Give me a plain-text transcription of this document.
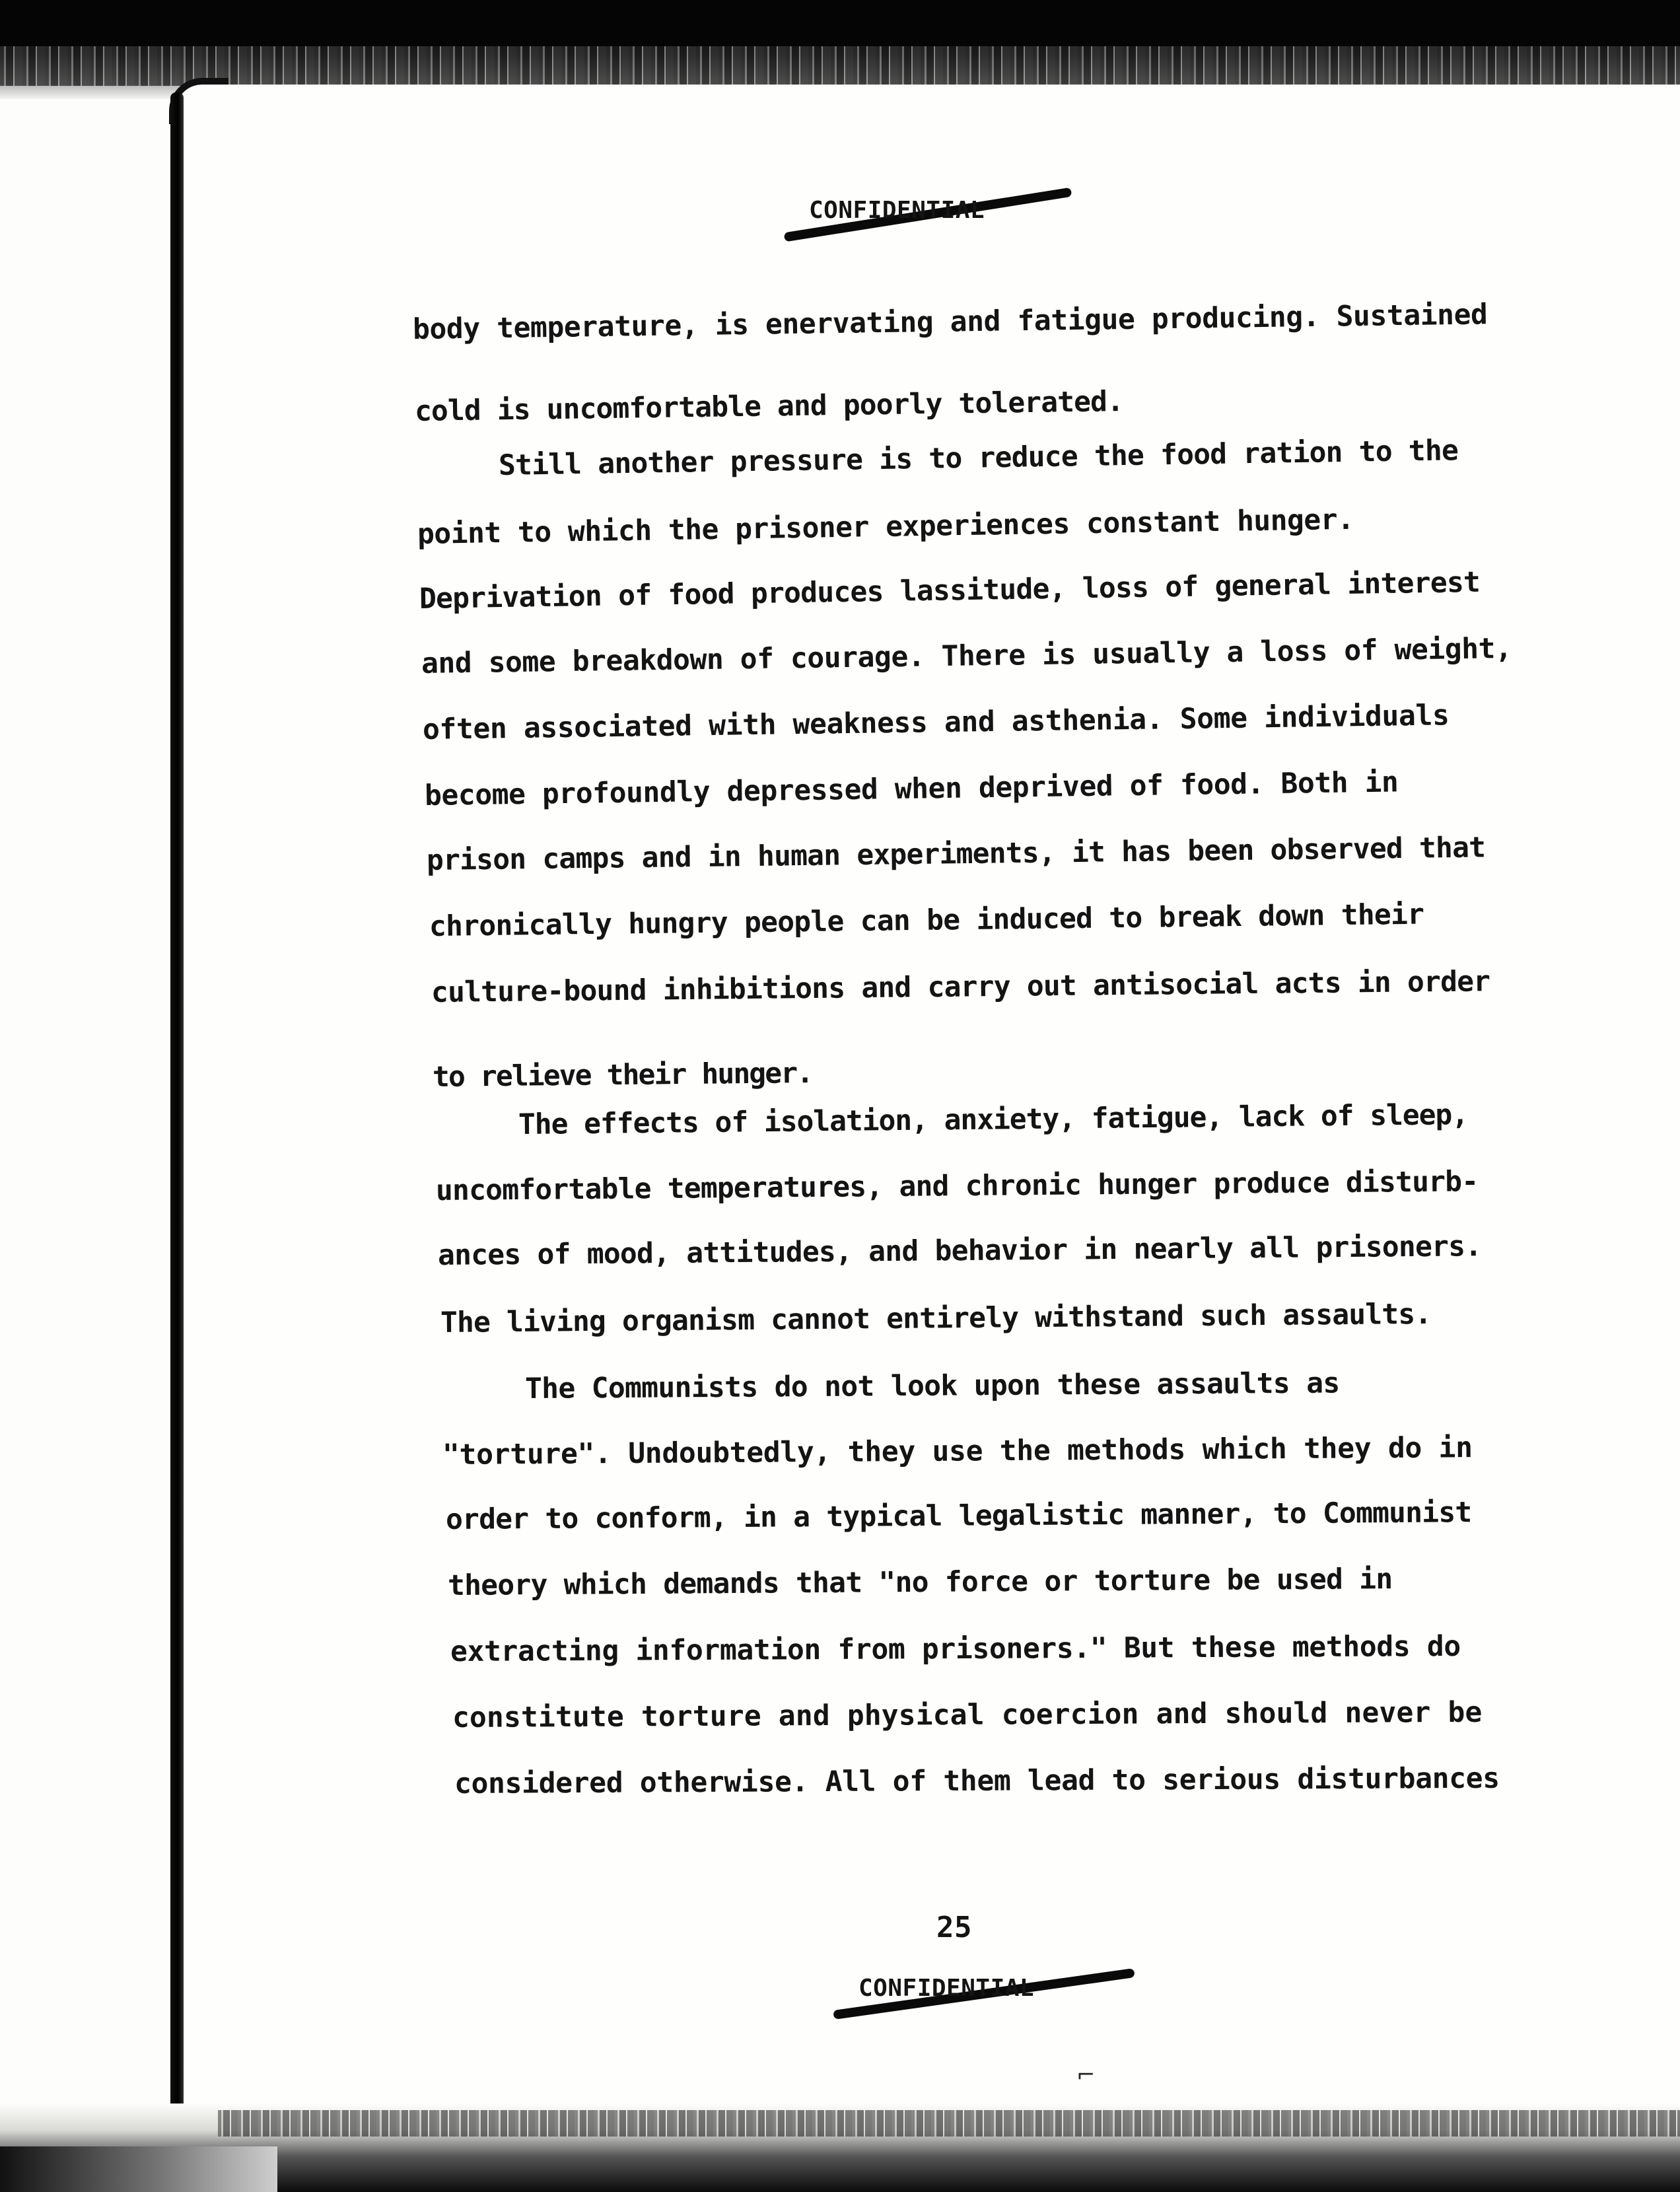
CONFIDENTIAL
body temperature, is enervating and fatigue producing. Sustained
cold is uncomfortable and poorly tolerated.
Still another pressure is to reduce the food ration to the
point to which the prisoner experiences constant hunger.
Deprivation of food produces lassitude, loss of general interest
and some breakdown of courage. There is usually a loss of weight,
often associated with weakness and asthenia. Some individuals
become profoundly depressed when deprived of food. Both in
prison camps and in human experiments, it has been observed that
chronically hungry people can be induced to break down their
culture-bound inhibitions and carry out antisocial acts in order
to relieve their hunger.
The effects of isolation, anxiety, fatigue, lack of sleep,
uncomfortable temperatures, and chronic hunger produce disturb-
ances of mood, attitudes, and behavior in nearly all prisoners.
The living organism cannot entirely withstand such assaults.
The Communists do not look upon these assaults as
"torture". Undoubtedly, they use the methods which they do in
order to conform, in a typical legalistic manner, to Communist
theory which demands that "no force or torture be used in
extracting information from prisoners." But these methods do
constitute torture and physical coercion and should never be
considered otherwise. All of them lead to serious disturbances
25
CONFIDENTIAL
⌐
